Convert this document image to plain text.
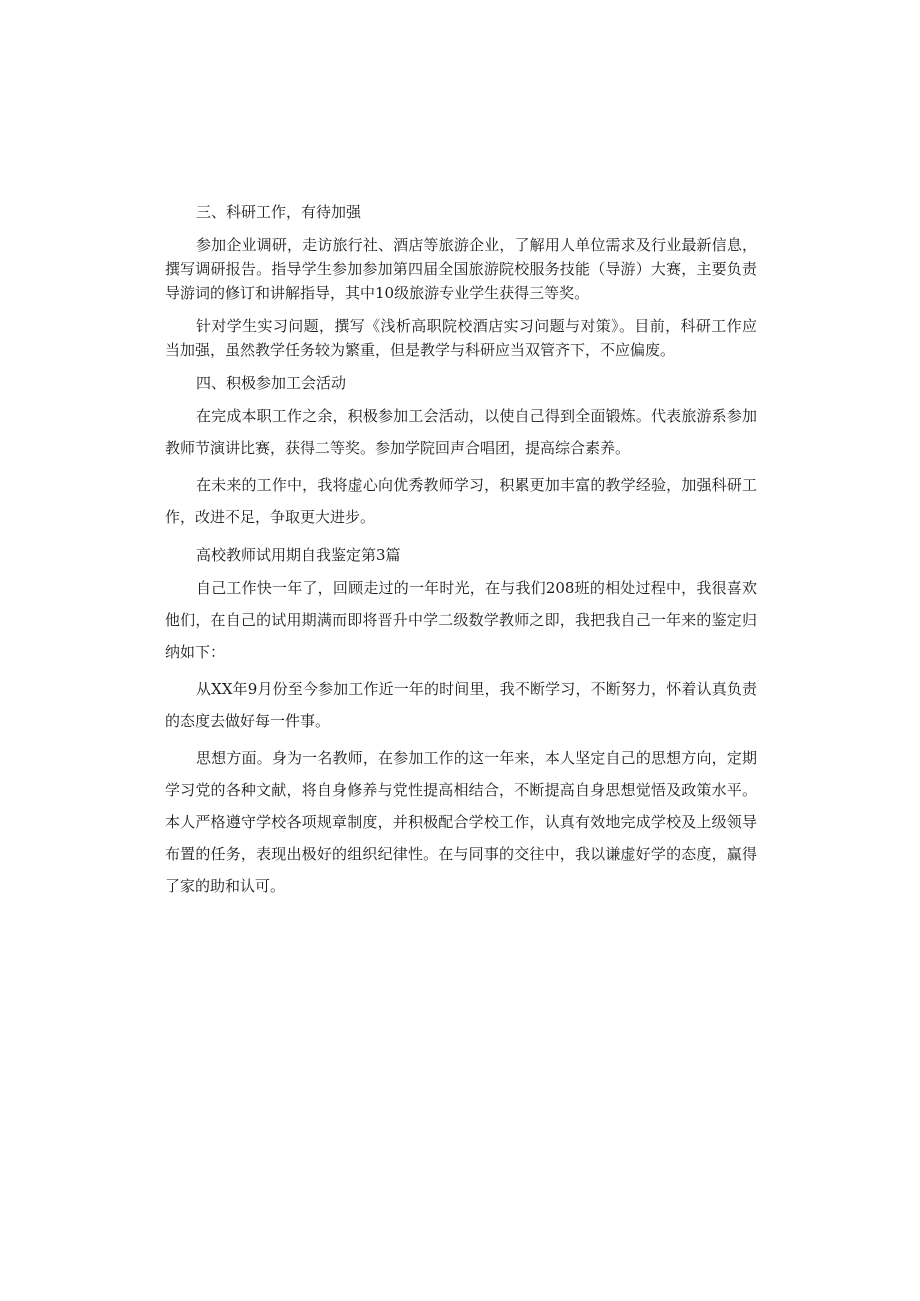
三、科研工作，有待加强

参加企业调研，走访旅行社、酒店等旅游企业，了解用人单位需求及行业最新信息，撰写调研报告。指导学生参加参加第四届全国旅游院校服务技能（导游）大赛，主要负责导游词的修订和讲解指导，其中10级旅游专业学生获得三等奖。

针对学生实习问题，撰写《浅析高职院校酒店实习问题与对策》。目前，科研工作应当加强，虽然教学任务较为繁重，但是教学与科研应当双管齐下，不应偏废。

四、积极参加工会活动

在完成本职工作之余，积极参加工会活动，以使自己得到全面锻炼。代表旅游系参加教师节演讲比赛，获得二等奖。参加学院回声合唱团，提高综合素养。

在未来的工作中，我将虚心向优秀教师学习，积累更加丰富的教学经验，加强科研工作，改进不足，争取更大进步。

高校教师试用期自我鉴定第3篇

自己工作快一年了，回顾走过的一年时光，在与我们208班的相处过程中，我很喜欢他们，在自己的试用期满而即将晋升中学二级数学教师之即，我把我自己一年来的鉴定归纳如下：

从XX年9月份至今参加工作近一年的时间里，我不断学习，不断努力，怀着认真负责的态度去做好每一件事。

思想方面。身为一名教师，在参加工作的这一年来，本人坚定自己的思想方向，定期学习党的各种文献，将自身修养与党性提高相结合，不断提高自身思想觉悟及政策水平。本人严格遵守学校各项规章制度，并积极配合学校工作，认真有效地完成学校及上级领导布置的任务，表现出极好的组织纪律性。在与同事的交往中，我以谦虚好学的态度，赢得了家的助和认可。
